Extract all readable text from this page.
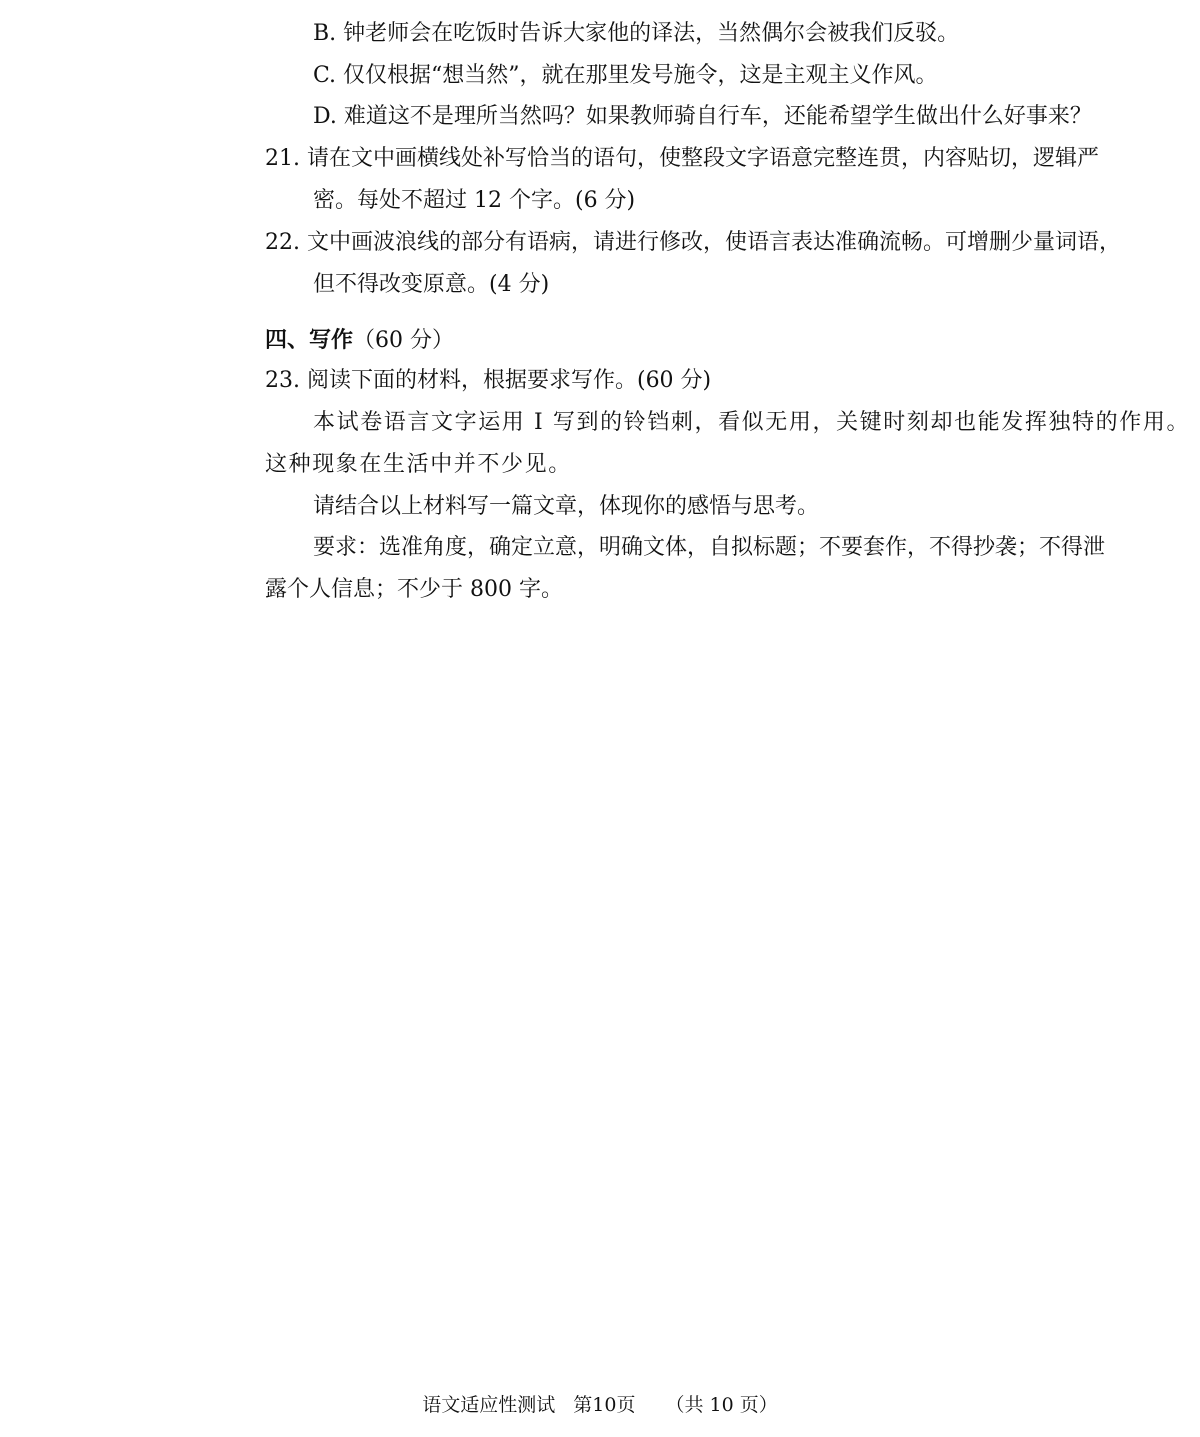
B. 钟老师会在吃饭时告诉大家他的译法，当然偶尔会被我们反驳。

C. 仅仅根据“想当然”，就在那里发号施令，这是主观主义作风。

D. 难道这不是理所当然吗？如果教师骑自行车，还能希望学生做出什么好事来？

21. 请在文中画横线处补写恰当的语句，使整段文字语意完整连贯，内容贴切，逻辑严

密。每处不超过 12 个字。(6 分)

22. 文中画波浪线的部分有语病，请进行修改，使语言表达准确流畅。可增删少量词语，

但不得改变原意。(4 分)

四、写作（60 分）

23. 阅读下面的材料，根据要求写作。(60 分)

本试卷语言文字运用 I 写到的铃铛刺，看似无用，关键时刻却也能发挥独特的作用。

这种现象在生活中并不少见。

请结合以上材料写一篇文章，体现你的感悟与思考。

要求：选准角度，确定立意，明确文体，自拟标题；不要套作，不得抄袭；不得泄

露个人信息；不少于 800 字。

语文适应性测试 第10页 （共 10 页）
